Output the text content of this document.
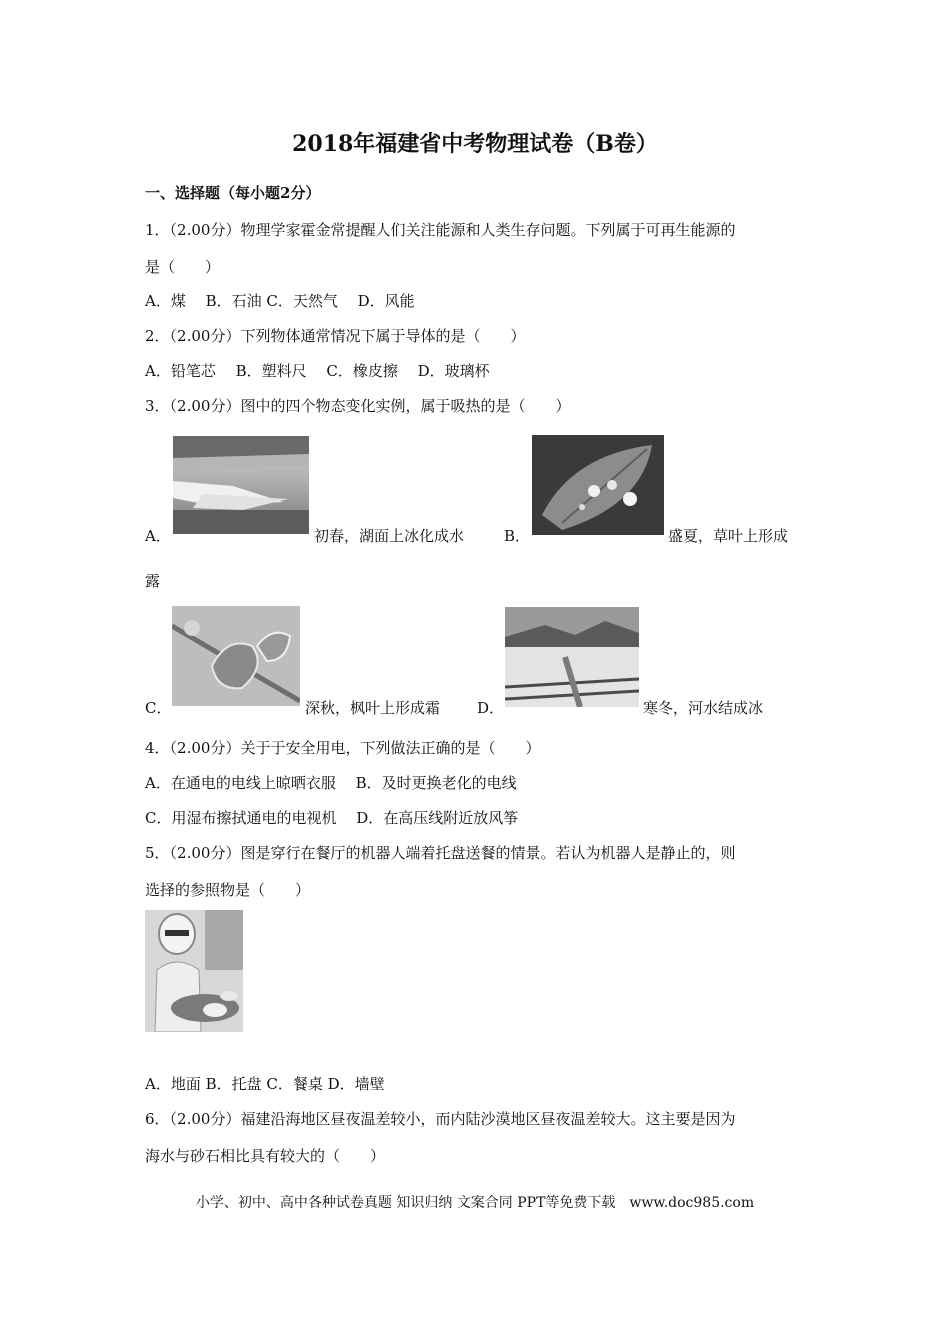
2018年福建省中考物理试卷（B卷）
一、选择题（每小题2分）
1．（2.00分）物理学家霍金常提醒人们关注能源和人类生存问题。下列属于可再生能源的
是（　　）
A．煤　 B．石油 C．天然气　 D．风能
2．（2.00分）下列物体通常情况下属于导体的是（　　）
A．铅笔芯　 B．塑料尺　 C．橡皮擦　 D．玻璃杯
3．（2.00分）图中的四个物态变化实例，属于吸热的是（　　）
A．	初春，湖面上冰化成水	B．	盛夏，草叶上形成
露
C．	深秋，枫叶上形成霜 D．	寒冬，河水结成冰
4．（2.00分）关于于安全用电，下列做法正确的是（　　）
A．在通电的电线上晾晒衣服　 B．及时更换老化的电线
C．用湿布擦拭通电的电视机　 D．在高压线附近放风筝
5．（2.00分）图是穿行在餐厅的机器人端着托盘送餐的情景。若认为机器人是静止的，则
选择的参照物是（　　）
A．地面 B．托盘 C．餐桌 D．墙壁
6．（2.00分）福建沿海地区昼夜温差较小，而内陆沙漠地区昼夜温差较大。这主要是因为
海水与砂石相比具有较大的（　　）
小学、初中、高中各种试卷真题 知识归纳 文案合同 PPT等免费下载　www.doc985.com
